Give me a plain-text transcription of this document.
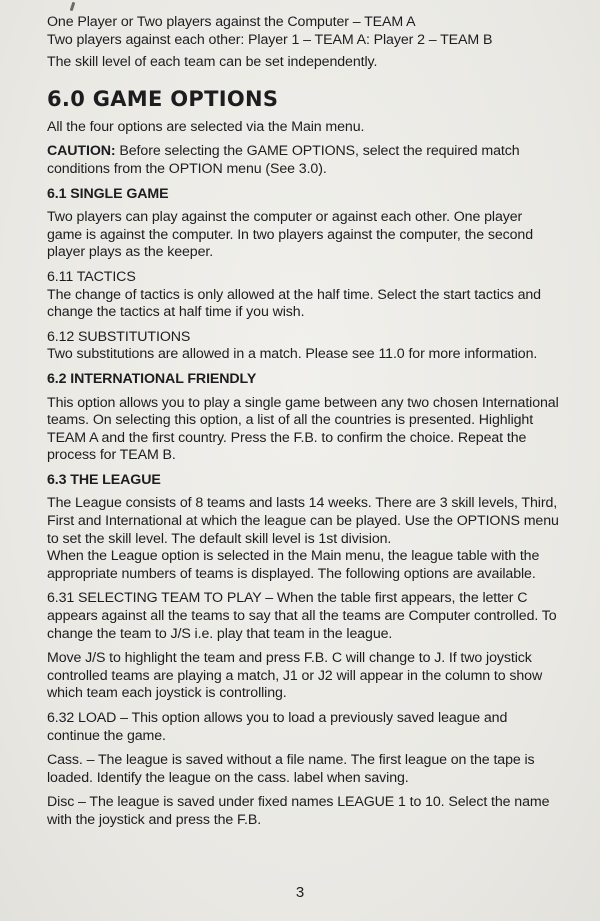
One Player or Two players against the Computer – TEAM A
Two players against each other: Player 1 – TEAM A: Player 2 – TEAM B

The skill level of each team can be set independently.

6.0 GAME OPTIONS

All the four options are selected via the Main menu.

CAUTION: Before selecting the GAME OPTIONS, select the required match conditions from the OPTION menu (See 3.0).

6.1 SINGLE GAME

Two players can play against the computer or against each other. One player game is against the computer. In two players against the computer, the second player plays as the keeper.

6.11 TACTICS

The change of tactics is only allowed at the half time. Select the start tactics and change the tactics at half time if you wish.

6.12 SUBSTITUTIONS

Two substitutions are allowed in a match. Please see 11.0 for more information.

6.2 INTERNATIONAL FRIENDLY

This option allows you to play a single game between any two chosen International teams. On selecting this option, a list of all the countries is presented. Highlight TEAM A and the first country. Press the F.B. to confirm the choice. Repeat the process for TEAM B.

6.3 THE LEAGUE

The League consists of 8 teams and lasts 14 weeks. There are 3 skill levels, Third, First and International at which the league can be played. Use the OPTIONS menu to set the skill level. The default skill level is 1st division.

When the League option is selected in the Main menu, the league table with the appropriate numbers of teams is displayed. The following options are available.

6.31 SELECTING TEAM TO PLAY – When the table first appears, the letter C appears against all the teams to say that all the teams are Computer controlled. To change the team to J/S i.e. play that team in the league.

Move J/S to highlight the team and press F.B. C will change to J. If two joystick controlled teams are playing a match, J1 or J2 will appear in the column to show which team each joystick is controlling.

6.32 LOAD – This option allows you to load a previously saved league and continue the game.

Cass. – The league is saved without a file name. The first league on the tape is loaded. Identify the league on the cass. label when saving.

Disc – The league is saved under fixed names LEAGUE 1 to 10. Select the name with the joystick and press the F.B.

3
